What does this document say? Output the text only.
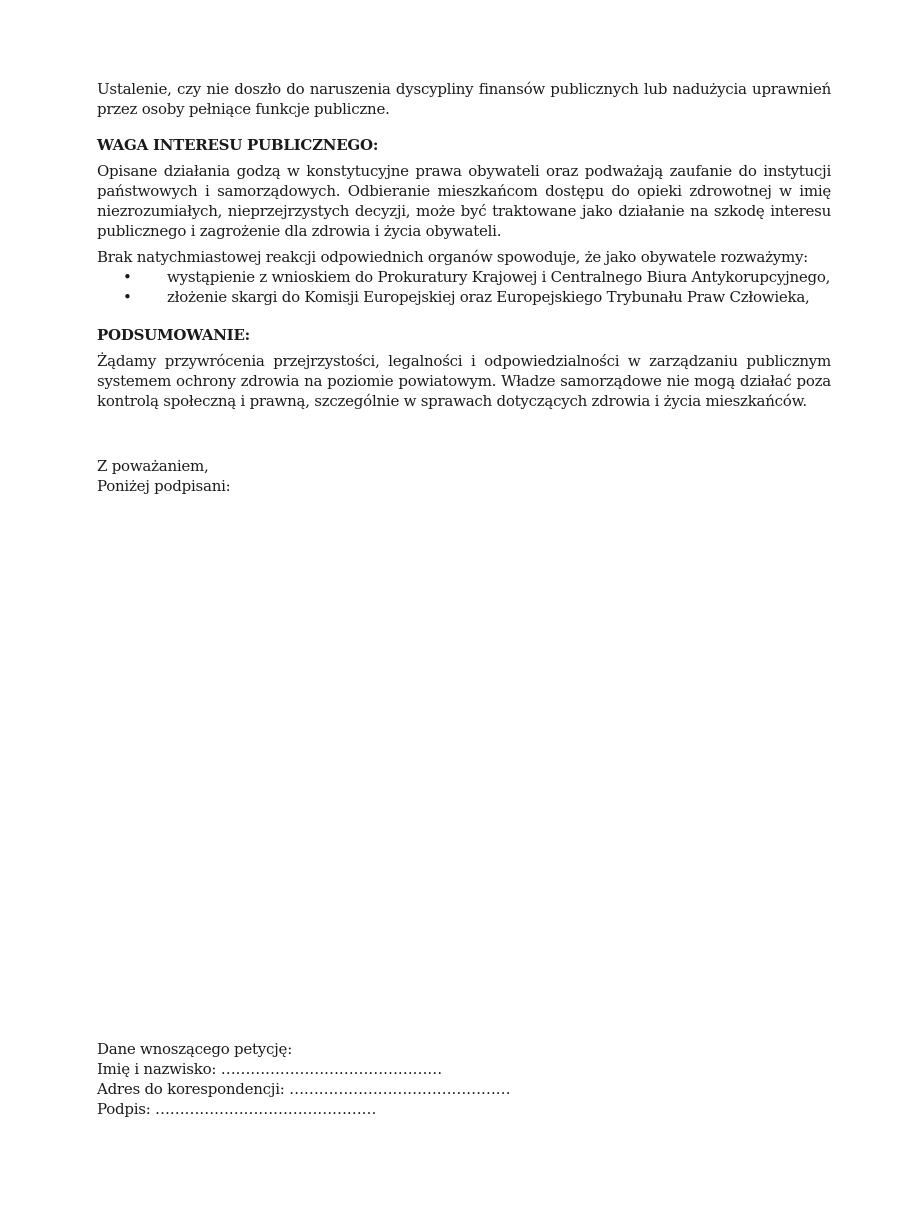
Ustalenie, czy nie doszło do naruszenia dyscypliny finansów publicznych lub nadużycia uprawnień przez osoby pełniące funkcje publiczne.

WAGA INTERESU PUBLICZNEGO:

Opisane działania godzą w konstytucyjne prawa obywateli oraz podważają zaufanie do instytucji państwowych i samorządowych. Odbieranie mieszkańcom dostępu do opieki zdrowotnej w imię niezrozumiałych, nieprzejrzystych decyzji, może być traktowane jako działanie na szkodę interesu publicznego i zagrożenie dla zdrowia i życia obywateli.

Brak natychmiastowej reakcji odpowiednich organów spowoduje, że jako obywatele rozważymy:

• wystąpienie z wnioskiem do Prokuratury Krajowej i Centralnego Biura Antykorupcyjnego,
• złożenie skargi do Komisji Europejskiej oraz Europejskiego Trybunału Praw Człowieka,

PODSUMOWANIE:

Żądamy przywrócenia przejrzystości, legalności i odpowiedzialności w zarządzaniu publicznym systemem ochrony zdrowia na poziomie powiatowym. Władze samorządowe nie mogą działać poza kontrolą społeczną i prawną, szczególnie w sprawach dotyczących zdrowia i życia mieszkańców.

Z poważaniem,

Poniżej podpisani:

Dane wnoszącego petycję:

Imię i nazwisko: ………………………………………

Adres do korespondencji: ………………………………………

Podpis: ………………………………………
